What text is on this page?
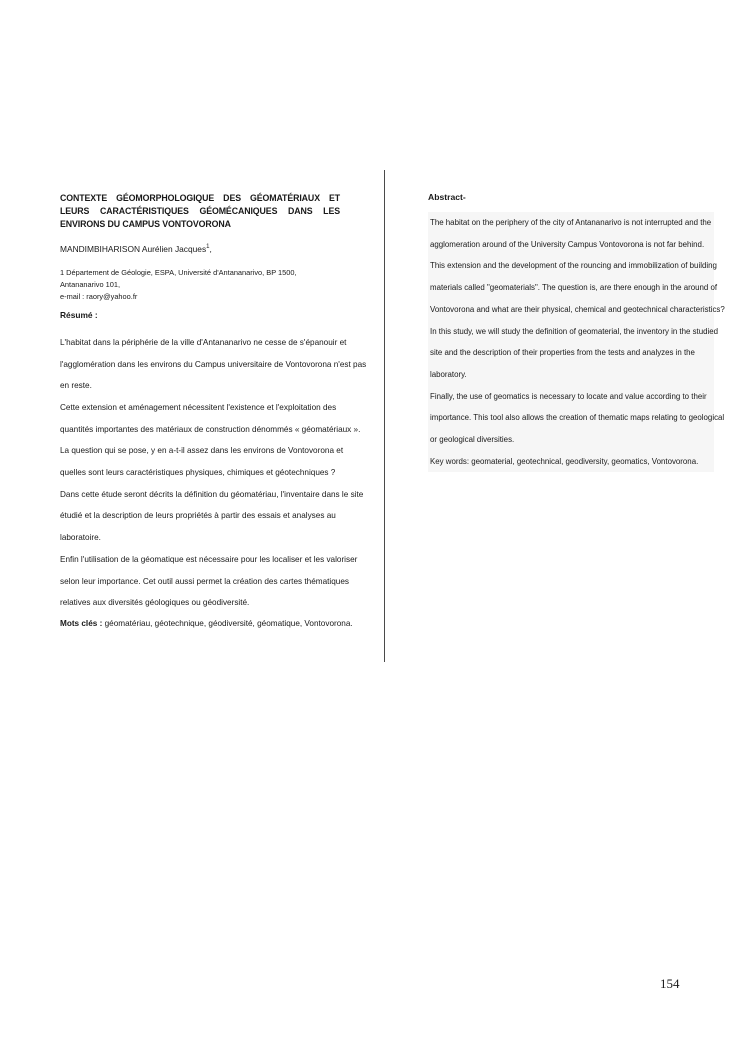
CONTEXTE GÉOMORPHOLOGIQUE DES GÉOMATÉRIAUX ET LEURS CARACTÉRISTIQUES GÉOMÉCANIQUES DANS LES ENVIRONS DU CAMPUS VONTOVORONA

MANDIMBIHARISON Aurélien Jacques$^1$,

1 Département de Géologie, ESPA, Université d'Antananarivo, BP 1500, Antananarivo 101,
e-mail : raory@yahoo.fr

Résumé :

L'habitat dans la périphérie de la ville d'Antananarivo ne cesse de s'épanouir et

l'agglomération dans les environs du Campus universitaire de Vontovorona n'est pas

en reste.

Cette extension et aménagement nécessitent l'existence et l'exploitation des

quantités importantes des matériaux de construction dénommés « géomatériaux ».

La question qui se pose, y en a-t-il assez dans les environs de Vontovorona et

quelles sont leurs caractéristiques physiques, chimiques et géotechniques ?

Dans cette étude seront décrits la définition du géomatériau, l'inventaire dans le site

étudié et la description de leurs propriétés à partir des essais et analyses au

laboratoire.

Enfin l'utilisation de la géomatique est nécessaire pour les localiser et les valoriser

selon leur importance. Cet outil aussi permet la création des cartes thématiques

relatives aux diversités géologiques ou géodiversité.

Mots clés : géomatériau, géotechnique, géodiversité, géomatique, Vontovorona.

Abstract-

The habitat on the periphery of the city of Antananarivo is not interrupted and the

agglomeration around of the University Campus Vontovorona is not far behind.

This extension and the development of the rouncing and immobilization of building

materials called "geomaterials". The question is, are there enough in the around of

Vontovorona and what are their physical, chemical and geotechnical characteristics?

In this study, we will study the definition of geomaterial, the inventory in the studied

site and the description of their properties from the tests and analyzes in the

laboratory.

Finally, the use of geomatics is necessary to locate and value according to their

importance. This tool also allows the creation of thematic maps relating to geological

or geological diversities.

Key words: geomaterial, geotechnical, geodiversity, geomatics, Vontovorona.

154
